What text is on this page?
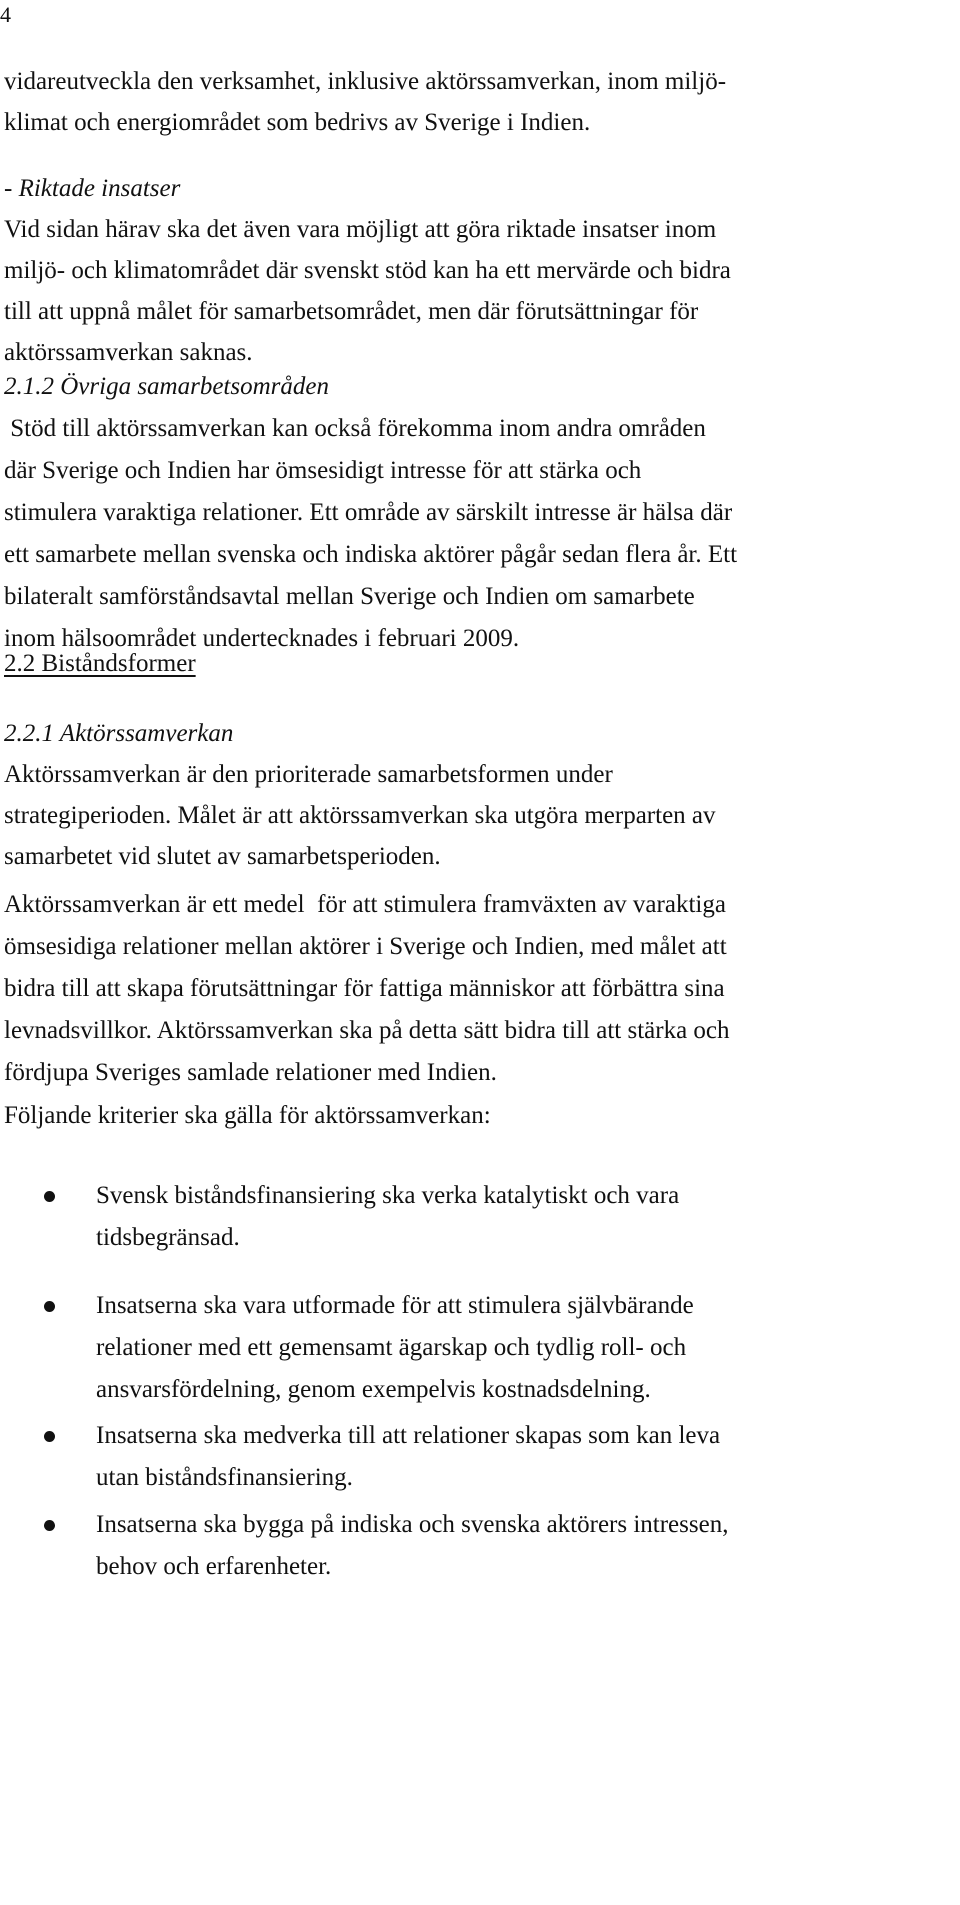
4
vidareutveckla den verksamhet, inklusive aktörssamverkan, inom miljö-
klimat och energiområdet som bedrivs av Sverige i Indien.
- Riktade insatser
Vid sidan härav ska det även vara möjligt att göra riktade insatser inom
miljö- och klimatområdet där svenskt stöd kan ha ett mervärde och bidra
till att uppnå målet för samarbetsområdet, men där förutsättningar för
aktörssamverkan saknas.
2.1.2 Övriga samarbetsområden
Stöd till aktörssamverkan kan också förekomma inom andra områden
där Sverige och Indien har ömsesidigt intresse för att stärka och
stimulera varaktiga relationer. Ett område av särskilt intresse är hälsa där
ett samarbete mellan svenska och indiska aktörer pågår sedan flera år. Ett
bilateralt samförståndsavtal mellan Sverige och Indien om samarbete
inom hälsoområdet undertecknades i februari 2009.
2.2 Biståndsformer
2.2.1 Aktörssamverkan
Aktörssamverkan är den prioriterade samarbetsformen under
strategiperioden. Målet är att aktörssamverkan ska utgöra merparten av
samarbetet vid slutet av samarbetsperioden.
Aktörssamverkan är ett medel  för att stimulera framväxten av varaktiga
ömsesidiga relationer mellan aktörer i Sverige och Indien, med målet att
bidra till att skapa förutsättningar för fattiga människor att förbättra sina
levnadsvillkor. Aktörssamverkan ska på detta sätt bidra till att stärka och
fördjupa Sveriges samlade relationer med Indien.
Följande kriterier ska gälla för aktörssamverkan:
Svensk biståndsfinansiering ska verka katalytiskt och vara
tidsbegränsad.
Insatserna ska vara utformade för att stimulera självbärande
relationer med ett gemensamt ägarskap och tydlig roll- och
ansvarsfördelning, genom exempelvis kostnadsdelning.
Insatserna ska medverka till att relationer skapas som kan leva
utan biståndsfinansiering.
Insatserna ska bygga på indiska och svenska aktörers intressen,
behov och erfarenheter.
